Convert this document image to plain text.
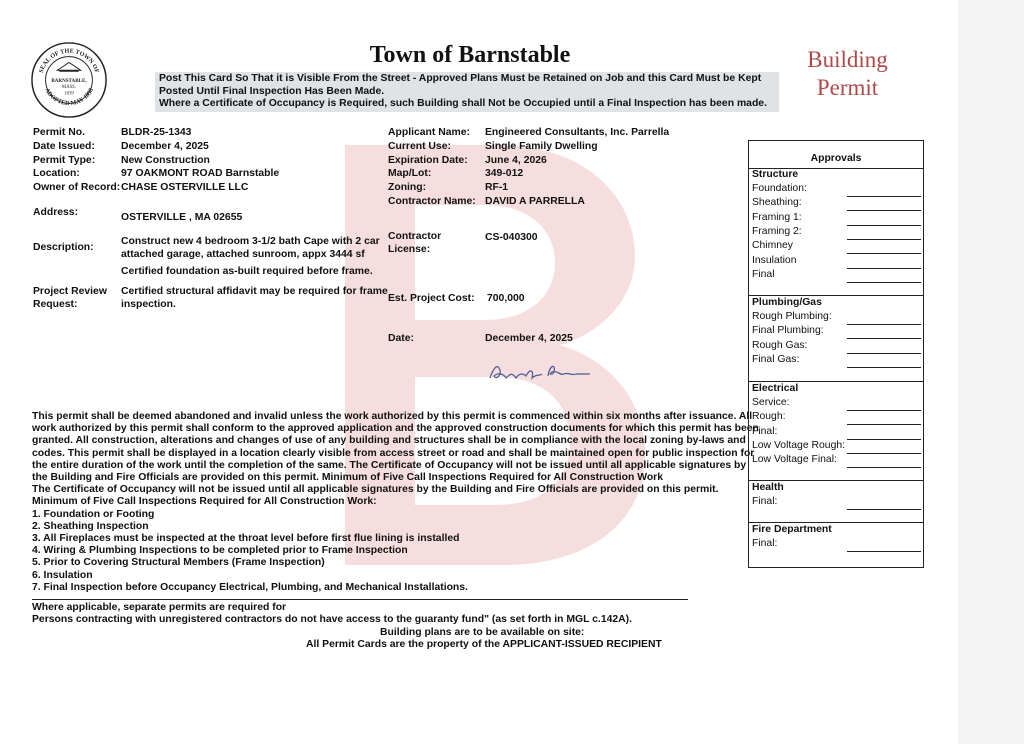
SEAL OF THE TOWN OF
ADOPTED MAY 1898
BARNSTABLE,
MASS.
1639
Town of Barnstable
Post This Card So That it is Visible From the Street - Approved Plans Must be Retained on Job and this Card Must be Kept
Posted Until Final Inspection Has Been Made.
Where a Certificate of Occupancy is Required, such Building shall Not be Occupied until a Final Inspection has been made.
Building
Permit
Permit No.	BLDR-25-1343
Date Issued:	December 4, 2025
Permit Type: New Construction
Location:	97 OAKMONT ROAD Barnstable
Owner of Record: CHASE OSTERVILLE LLC
Address:	OSTERVILLE , MA 02655
Description:
Construct new 4 bedroom 3-1/2 bath Cape with 2 car
attached garage, attached sunroom, appx 3444 sf
Certified foundation as-built required before frame.
Project Review
Request:
Certified structural affidavit may be required for frame
inspection.
Applicant Name: Engineered Consultants, Inc. Parrella
Current Use:	Single Family Dwelling
Expiration Date: June 4, 2026
Map/Lot:	349-012
Zoning:	RF-1
Contractor Name: DAVID A PARRELLA
Contractor
License:
CS-040300
Est. Project Cost: 700,000
Date:	December 4, 2025
This permit shall be deemed abandoned and invalid unless the work authorized by this permit is commenced within six months after issuance. All
work authorized by this permit shall conform to the approved application and the approved construction documents for which this permit has been
granted. All construction, alterations and changes of use of any building and structures shall be in compliance with the local zoning by-laws and
codes. This permit shall be displayed in a location clearly visible from access street or road and shall be maintained open for public inspection for
the entire duration of the work until the completion of the same. The Certificate of Occupancy will not be issued until all applicable signatures by
the Building and Fire Officials are provided on this permit. Minimum of Five Call Inspections Required for All Construction Work
The Certificate of Occupancy will not be issued until all applicable signatures by the Building and Fire Officials are provided on this permit.
Minimum of Five Call Inspections Required for All Construction Work:
1. Foundation or Footing
2. Sheathing Inspection
3. All Fireplaces must be inspected at the throat level before first flue lining is installed
4. Wiring & Plumbing Inspections to be completed prior to Frame Inspection
5. Prior to Covering Structural Members (Frame Inspection)
6. Insulation
7. Final Inspection before Occupancy Electrical, Plumbing, and Mechanical Installations.
Where applicable, separate permits are required for
Persons contracting with unregistered contractors do not have access to the guaranty fund" (as set forth in MGL c.142A).
Building plans are to be available on site:
All Permit Cards are the property of the APPLICANT-ISSUED RECIPIENT
Approvals
Structure
Foundation:
Sheathing:
Framing 1:
Framing 2:
Chimney
Insulation
Final
Plumbing/Gas
Rough Plumbing:
Final Plumbing:
Rough Gas:
Final Gas:
Electrical
Service:
Rough:
Final:
Low Voltage Rough:
Low Voltage Final:
Health
Final:
Fire Department
Final:
